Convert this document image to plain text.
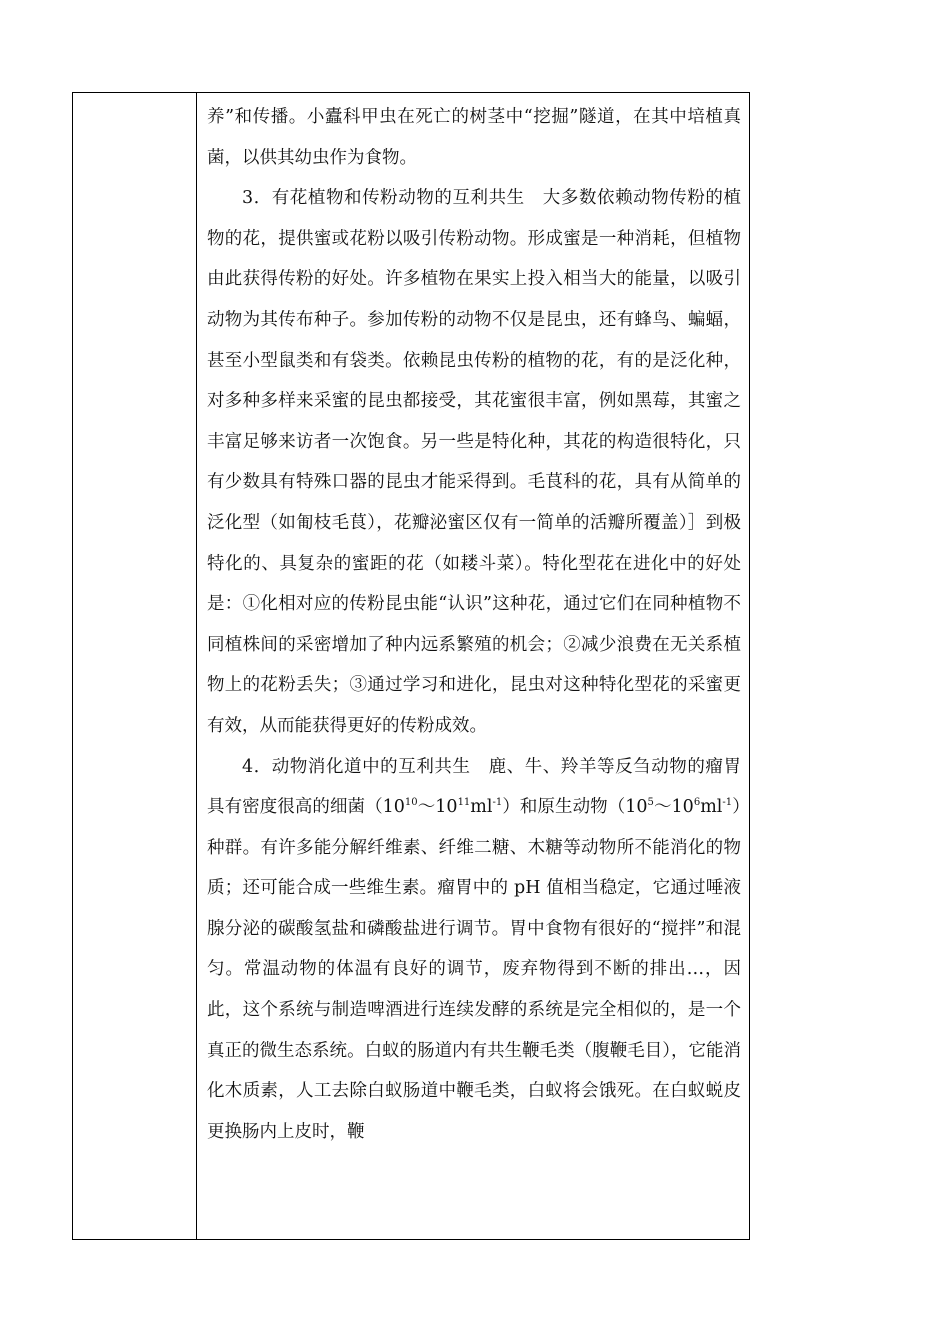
养”和传播。小蠹科甲虫在死亡的树茎中“挖掘”隧道，在其中培植真菌，以供其幼虫作为食物。

3．有花植物和传粉动物的互利共生　大多数依赖动物传粉的植物的花，提供蜜或花粉以吸引传粉动物。形成蜜是一种消耗，但植物由此获得传粉的好处。许多植物在果实上投入相当大的能量，以吸引动物为其传布种子。参加传粉的动物不仅是昆虫，还有蜂鸟、蝙蝠，甚至小型鼠类和有袋类。依赖昆虫传粉的植物的花，有的是泛化种，对多种多样来采蜜的昆虫都接受，其花蜜很丰富，例如黑莓，其蜜之丰富足够来访者一次饱食。另一些是特化种，其花的构造很特化，只有少数具有特殊口器的昆虫才能采得到。毛茛科的花，具有从简单的泛化型（如匍枝毛茛），花瓣泌蜜区仅有一简单的活瓣所覆盖）］到极特化的、具复杂的蜜距的花（如耧斗菜）。特化型花在进化中的好处是：①化相对应的传粉昆虫能“认识”这种花，通过它们在同种植物不同植株间的采密增加了种内远系繁殖的机会；②减少浪费在无关系植物上的花粉丢失；③通过学习和进化，昆虫对这种特化型花的采蜜更有效，从而能获得更好的传粉成效。

4．动物消化道中的互利共生　鹿、牛、羚羊等反刍动物的瘤胃具有密度很高的细菌$(10^{10}\sim 10^{11}ml^{-1})$和原生动物$(10^5\sim 10^6ml^{-1})$种群。有许多能分解纤维素、纤维二糖、木糖等动物所不能消化的物质；还可能合成一些维生素。瘤胃中的 pH 值相当稳定，它通过唾液腺分泌的碳酸氢盐和磷酸盐进行调节。胃中食物有很好的“搅拌”和混匀。常温动物的体温有良好的调节，废弃物得到不断的排出…，因此，这个系统与制造啤酒进行连续发酵的系统是完全相似的，是一个真正的微生态系统。白蚁的肠道内有共生鞭毛类（腹鞭毛目），它能消化木质素，人工去除白蚁肠道中鞭毛类，白蚁将会饿死。在白蚁蜕皮更换肠内上皮时，鞭
